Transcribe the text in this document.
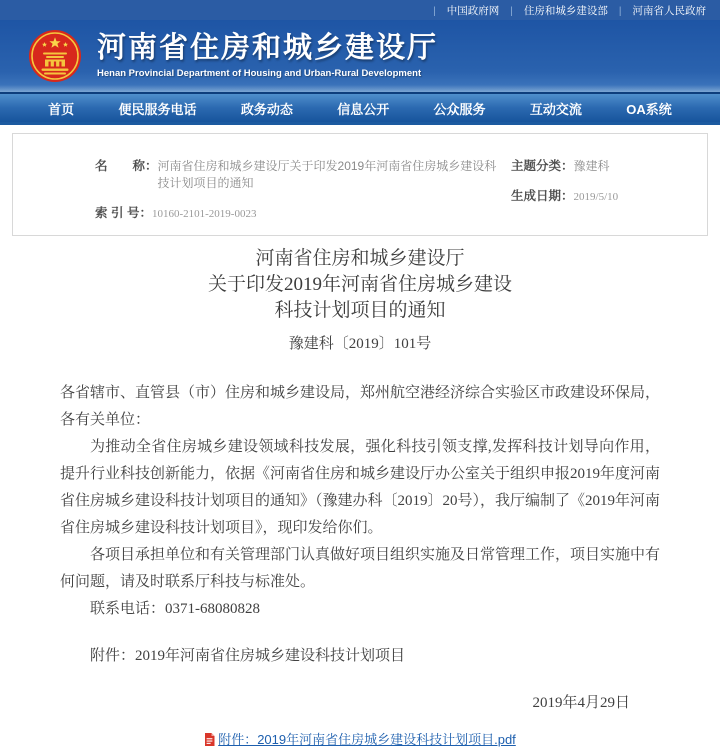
| 中国政府网 | 住房和城乡建设部 | 河南省人民政府
河南省住房和城乡建设厅
Henan Provincial Department of Housing and Urban-Rural Development
首页	便民服务电话	政务动态	信息公开	公众服务	互动交流	OA系统
名　　称： 河南省住房和城乡建设厅关于印发2019年河南省住房城乡建设科技计划项目的通知
索 引 号： 10160-2101-2019-0023
主题分类： 豫建科
生成日期： 2019/5/10
河南省住房和城乡建设厅
关于印发2019年河南省住房城乡建设
科技计划项目的通知
豫建科〔2019〕101号

各省辖市、直管县（市）住房和城乡建设局，郑州航空港经济综合实验区市政建设环保局，各有关单位：

为推动全省住房城乡建设领域科技发展，强化科技引领支撑,发挥科技计划导向作用，提升行业科技创新能力，依据《河南省住房和城乡建设厅办公室关于组织申报2019年度河南省住房城乡建设科技计划项目的通知》（豫建办科〔2019〕20号），我厅编制了《2019年河南省住房城乡建设科技计划项目》，现印发给你们。

各项目承担单位和有关管理部门认真做好项目组织实施及日常管理工作，项目实施中有何问题，请及时联系厅科技与标准处。

联系电话：0371-68080828

附件：2019年河南省住房城乡建设科技计划项目

2019年4月29日
附件：2019年河南省住房城乡建设科技计划项目.pdf
